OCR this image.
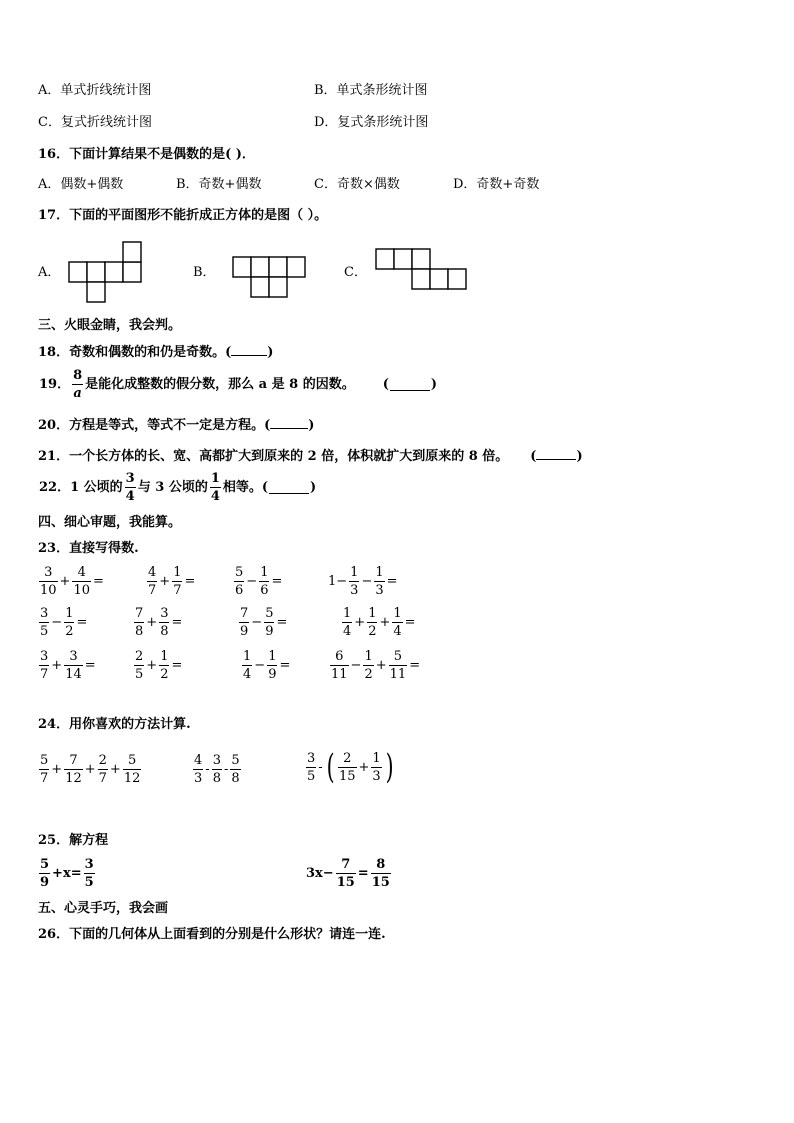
A．单式折线统计图	B．单式条形统计图
C．复式折线统计图	D．复式条形统计图
16．下面计算结果不是偶数的是( )．
A．偶数+偶数	B．奇数+偶数	C．奇数×偶数	D．奇数+奇数
17．下面的平面图形不能折成正方体的是图（ ）。
A．	B．	C．
三、火眼金睛，我会判。
18．奇数和偶数的和仍是奇数。(	)
19． $\frac{8}{a}$ 是能化成整数的假分数，那么 a 是 8 的因数。 (	)
20．方程是等式，等式不一定是方程。(	)
21．一个长方体的长、宽、高都扩大到原来的 2 倍，体积就扩大到原来的 8 倍。 (	)
22．1 公顷的 $\frac{3}{4}$ 与 3 公顷的 $\frac{1}{4}$ 相等。(	)
四、细心审题，我能算。
23．直接写得数.
$\frac{3}{10} + \frac{4}{10}$ =	$\frac{4}{7} + \frac{1}{7}$ =	$\frac{5}{6} - \frac{1}{6}$ =	$1- \frac{1}{3} - \frac{1}{3}$ =
$\frac{3}{5} - \frac{1}{2}$ =	$\frac{7}{8} + \frac{3}{8}$ =	$\frac{7}{9} - \frac{5}{9}$ =	$\frac{1}{4} + \frac{1}{2} + \frac{1}{4}$ =
$\frac{3}{7} + \frac{3}{14}$ =	$\frac{2}{5} + \frac{1}{2}$ =	$\frac{1}{4} - \frac{1}{9}$ =	$\frac{6}{11} - \frac{1}{2} + \frac{5}{11}$ =
24．用你喜欢的方法计算.
$\frac{5}{7} + \frac{7}{12} + \frac{2}{7} + \frac{5}{12}$	$\frac{4}{3} - \frac{3}{8} - \frac{5}{8}$	$\frac{3}{5}$ - ( $\frac{2}{15} + \frac{1}{3}$ )
25．解方程
$\frac{5}{9} +x= \frac{3}{5}$	$3x- \frac{7}{15} = \frac{8}{15}$
五、心灵手巧，我会画
26．下面的几何体从上面看到的分别是什么形状？请连一连.
